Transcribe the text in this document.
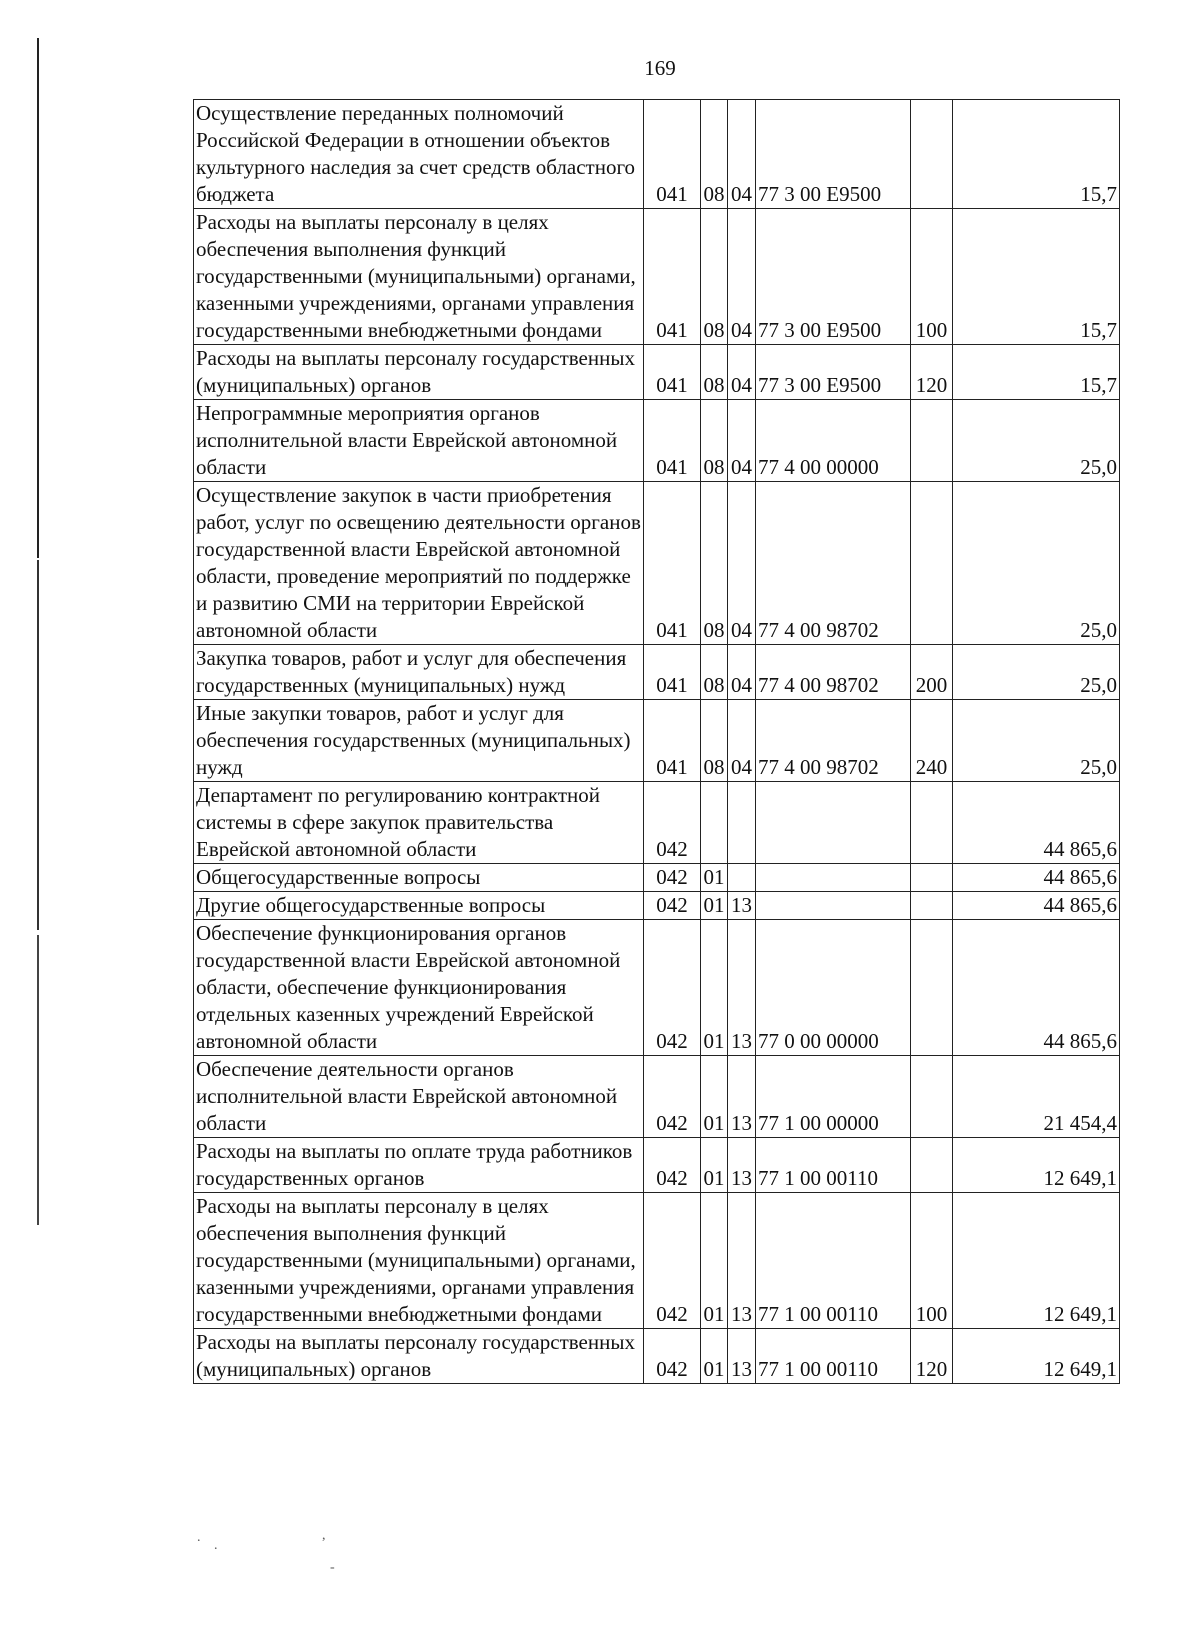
169
Осуществление переданных полномочий Российской Федерации в отношении объектов культурного наследия за счет средств областного бюджета	041	08	04	77 3 00 Е9500		15,7
Расходы на выплаты персоналу в целях обеспечения выполнения функций государственными (муниципальными) органами, казенными учреждениями, органами управления государственными внебюджетными фондами	041	08	04	77 3 00 Е9500	100	15,7
Расходы на выплаты персоналу государственных (муниципальных) органов	041	08	04	77 3 00 Е9500	120	15,7
Непрограммные мероприятия органов исполнительной власти Еврейской автономной области	041	08	04	77 4 00 00000		25,0
Осуществление закупок в части приобретения работ, услуг по освещению деятельности органов государственной власти Еврейской автономной области, проведение мероприятий по поддержке и развитию СМИ на территории Еврейской автономной области	041	08	04	77 4 00 98702		25,0
Закупка товаров, работ и услуг для обеспечения государственных (муниципальных) нужд	041	08	04	77 4 00 98702	200	25,0
Иные закупки товаров, работ и услуг для обеспечения государственных (муниципальных) нужд	041	08	04	77 4 00 98702	240	25,0
Департамент по регулированию контрактной системы в сфере закупок правительства Еврейской автономной области	042					44 865,6
Общегосударственные вопросы	042	01				44 865,6
Другие общегосударственные вопросы	042	01	13			44 865,6
Обеспечение функционирования органов государственной власти Еврейской автономной области, обеспечение функционирования отдельных казенных учреждений Еврейской автономной области	042	01	13	77 0 00 00000		44 865,6
Обеспечение деятельности органов исполнительной власти Еврейской автономной области	042	01	13	77 1 00 00000		21 454,4
Расходы на выплаты по оплате труда работников государственных органов	042	01	13	77 1 00 00110		12 649,1
Расходы на выплаты персоналу в целях обеспечения выполнения функций государственными (муниципальными) органами, казенными учреждениями, органами управления государственными внебюджетными фондами	042	01	13	77 1 00 00110	100	12 649,1
Расходы на выплаты персоналу государственных (муниципальных) органов	042	01	13	77 1 00 00110	120	12 649,1
.
.
,
-
